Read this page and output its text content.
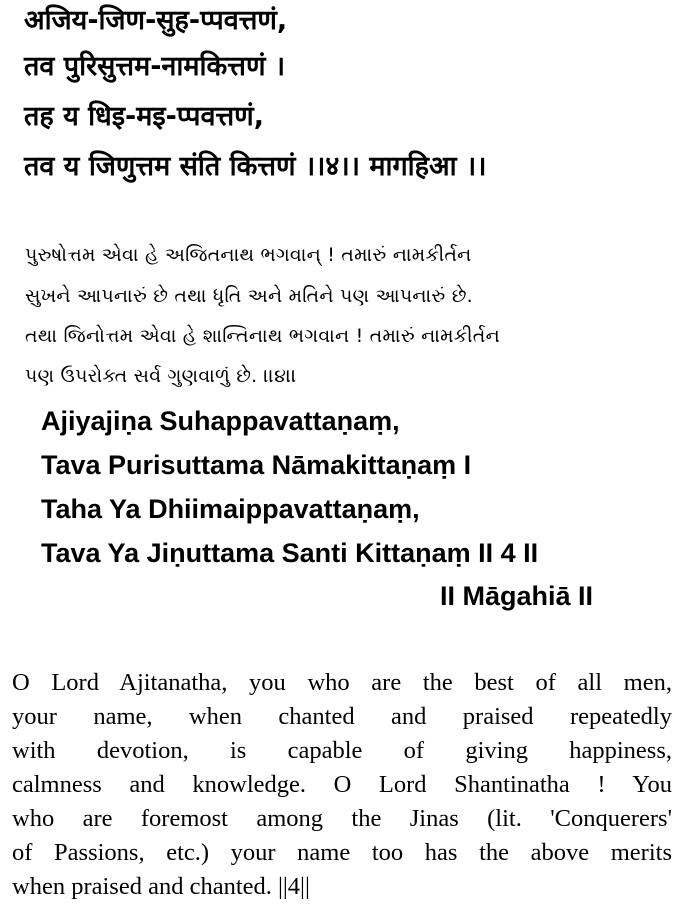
अजिय-जिण-सुह-प्पवत्तणं,
तव पुरिसुत्तम-नामकित्तणं ।
तह य धिइ-मइ-प्पवत्तणं,
तव य जिणुत्तम संति कित्तणं ।।४।। मागहिआ ।।
પુરુષોત્તમ એવા હે અજિતનાથ ભગવાન્ ! તમારું નામકીર્તન
સુખને આપનારું છે તથા ધૃતિ અને મતિને પણ આપનારું છે.
તથા જિનોત્તમ એવા હે શાન્તિનાથ ભગવાન ! તમારું નામકીર્તન
પણ ઉપરોક્ત સર્વ ગુણવાળું છે. ।।૪।।
Ajiyajiṇa Suhappavattaṇaṃ,
Tava Purisuttama Nāmakittaṇaṃ I
Taha Ya Dhiimaippavattaṇaṃ,
Tava Ya Jiṇuttama Santi Kittaṇaṃ II 4 II
II Māgahiā II
O Lord Ajitanatha, you who are the best of all men,
your name, when chanted and praised repeatedly
with devotion, is capable of giving happiness,
calmness and knowledge. O Lord Shantinatha ! You
who are foremost among the Jinas (lit. 'Conquerers'
of Passions, etc.) your name too has the above merits
when praised and chanted. ||4||
